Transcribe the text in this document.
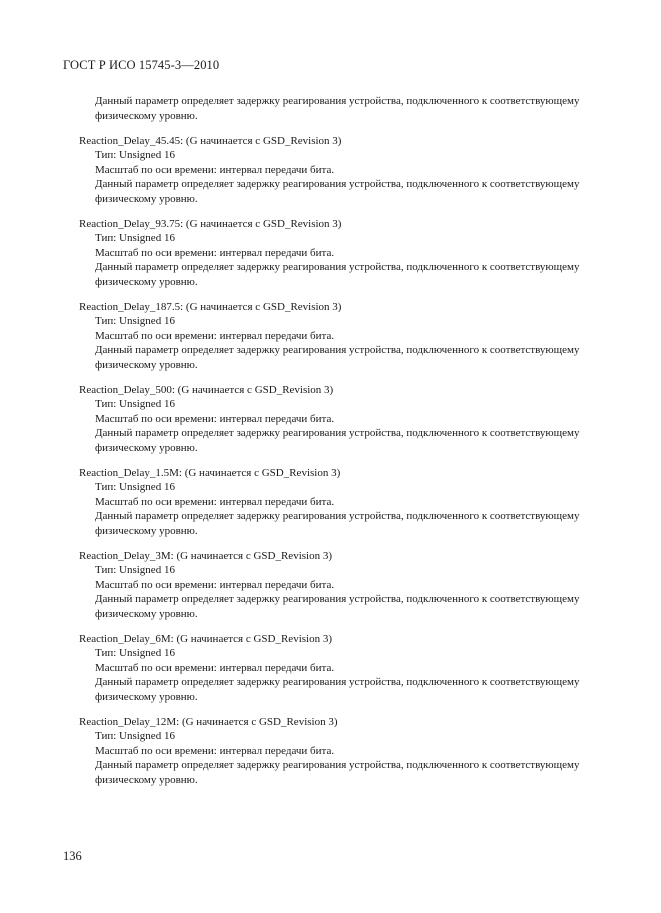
ГОСТ Р ИСО 15745-3—2010
Данный параметр определяет задержку реагирования устройства, подключенного к соответствующему
физическому уровню.
Reaction_Delay_45.45: (G начинается с GSD_Revision 3)
Тип: Unsigned 16
Масштаб по оси времени: интервал передачи бита.
Данный параметр определяет задержку реагирования устройства, подключенного к соответствующему
физическому уровню.
Reaction_Delay_93.75: (G начинается с GSD_Revision 3)
Тип: Unsigned 16
Масштаб по оси времени: интервал передачи бита.
Данный параметр определяет задержку реагирования устройства, подключенного к соответствующему
физическому уровню.
Reaction_Delay_187.5: (G начинается с GSD_Revision 3)
Тип: Unsigned 16
Масштаб по оси времени: интервал передачи бита.
Данный параметр определяет задержку реагирования устройства, подключенного к соответствующему
физическому уровню.
Reaction_Delay_500: (G начинается с GSD_Revision 3)
Тип: Unsigned 16
Масштаб по оси времени: интервал передачи бита.
Данный параметр определяет задержку реагирования устройства, подключенного к соответствующему
физическому уровню.
Reaction_Delay_1.5M: (G начинается с GSD_Revision 3)
Тип: Unsigned 16
Масштаб по оси времени: интервал передачи бита.
Данный параметр определяет задержку реагирования устройства, подключенного к соответствующему
физическому уровню.
Reaction_Delay_3M: (G начинается с GSD_Revision 3)
Тип: Unsigned 16
Масштаб по оси времени: интервал передачи бита.
Данный параметр определяет задержку реагирования устройства, подключенного к соответствующему
физическому уровню.
Reaction_Delay_6M: (G начинается с GSD_Revision 3)
Тип: Unsigned 16
Масштаб по оси времени: интервал передачи бита.
Данный параметр определяет задержку реагирования устройства, подключенного к соответствующему
физическому уровню.
Reaction_Delay_12M: (G начинается с GSD_Revision 3)
Тип: Unsigned 16
Масштаб по оси времени: интервал передачи бита.
Данный параметр определяет задержку реагирования устройства, подключенного к соответствующему
физическому уровню.
136
